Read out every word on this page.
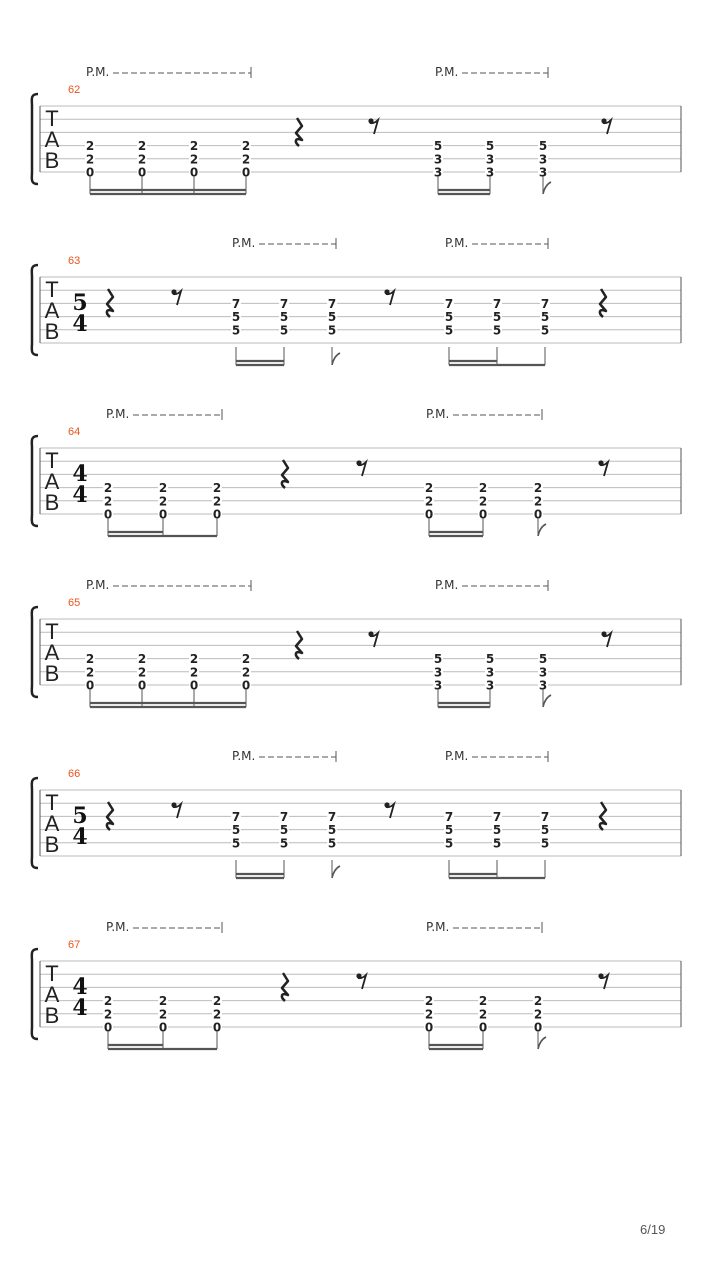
T
A
B
62
P.M.	P.M.
2
2
0
2
2
0
2
2
0
2
2
0
5
3
3
5
3
3
5
3
3
T
A
B
63
5
4
P.M.	P.M.
7
5
5
7
5
5
7
5
5
7
5
5
7
5
5
7
5
5
T
A
B
64
4
4
P.M.	P.M.
2
2
0
2
2
0
2
2
0
2
2
0
2
2
0
2
2
0
T
A
B
65
P.M.	P.M.
2
2
0
2
2
0
2
2
0
2
2
0
5
3
3
5
3
3
5
3
3
T
A
B
66
5
4
P.M.	P.M.
7
5
5
7
5
5
7
5
5
7
5
5
7
5
5
7
5
5
T
A
B
67
4
4
P.M.	P.M.
2
2
0
2
2
0
2
2
0
2
2
0
2
2
0
2
2
0
6/19
